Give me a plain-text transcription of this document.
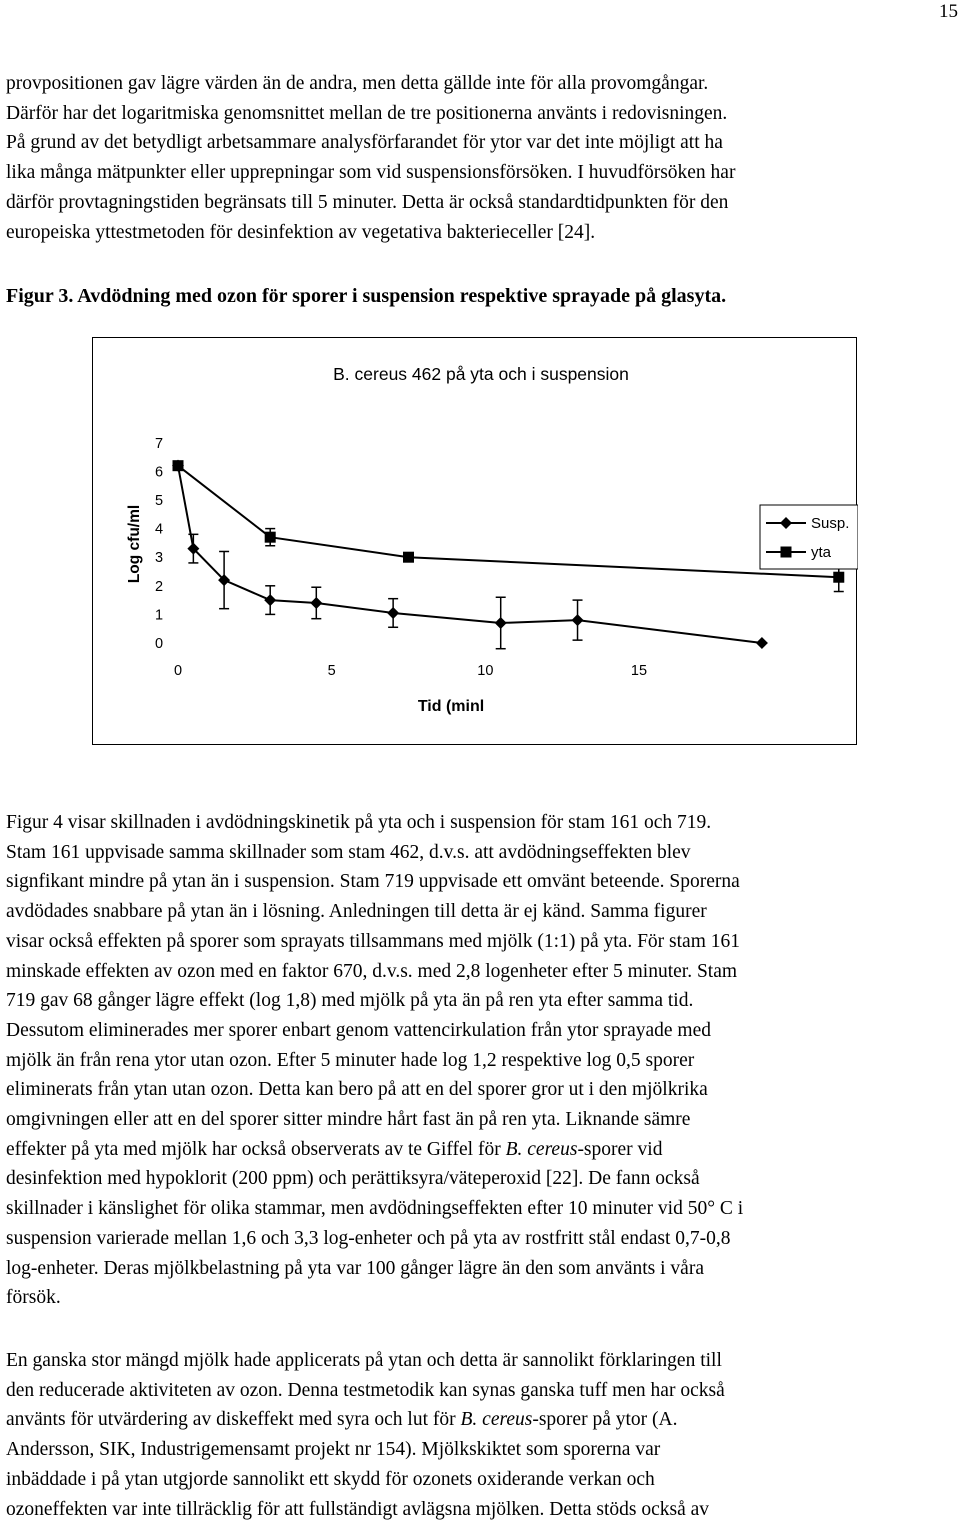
15

provpositionen gav lägre värden än de andra, men detta gällde inte för alla provomgångar.

Därför har det logaritmiska genomsnittet mellan de tre positionerna använts i redovisningen.

På grund av det betydligt arbetsammare analysförfarandet för ytor var det inte möjligt att ha

lika många mätpunkter eller upprepningar som vid suspensionsförsöken. I huvudförsöken har

därför provtagningstiden begränsats till 5 minuter. Detta är också standardtidpunkten för den

europeiska yttestmetoden för desinfektion av vegetativa bakterieceller [24].

Figur 3. Avdödning med ozon för sporer i suspension respektive sprayade på glasyta.
B. cereus 462 på yta och i suspension
Log cfu/ml
Tid (minl
0
1
2
3
4
5
6
7
0	5	10	15
Susp.
yta

Figur 4 visar skillnaden i avdödningskinetik på yta och i suspension för stam 161 och 719.

Stam 161 uppvisade samma skillnader som stam 462, d.v.s. att avdödningseffekten blev

signfikant mindre på ytan än i suspension. Stam 719 uppvisade ett omvänt beteende. Sporerna

avdödades snabbare på ytan än i lösning. Anledningen till detta är ej känd. Samma figurer

visar också effekten på sporer som sprayats tillsammans med mjölk (1:1) på yta. För stam 161

minskade effekten av ozon med en faktor 670, d.v.s. med 2,8 logenheter efter 5 minuter. Stam

719 gav 68 gånger lägre effekt (log 1,8) med mjölk på yta än på ren yta efter samma tid.

Dessutom eliminerades mer sporer enbart genom vattencirkulation från ytor sprayade med

mjölk än från rena ytor utan ozon. Efter 5 minuter hade log 1,2 respektive log 0,5 sporer

eliminerats från ytan utan ozon. Detta kan bero på att en del sporer gror ut i den mjölkrika

omgivningen eller att en del sporer sitter mindre hårt fast än på ren yta. Liknande sämre

effekter på yta med mjölk har också observerats av te Giffel för B. cereus-sporer vid

desinfektion med hypoklorit (200 ppm) och perättiksyra/väteperoxid [22]. De fann också

skillnader i känslighet för olika stammar, men avdödningseffekten efter 10 minuter vid 50° C i

suspension varierade mellan 1,6 och 3,3 log-enheter och på yta av rostfritt stål endast 0,7-0,8

log-enheter. Deras mjölkbelastning på yta var 100 gånger lägre än den som använts i våra

försök.

En ganska stor mängd mjölk hade applicerats på ytan och detta är sannolikt förklaringen till

den reducerade aktiviteten av ozon. Denna testmetodik kan synas ganska tuff men har också

använts för utvärdering av diskeffekt med syra och lut för B. cereus-sporer på ytor (A.

Andersson, SIK, Industrigemensamt projekt nr 154). Mjölkskiktet som sporerna var

inbäddade i på ytan utgjorde sannolikt ett skydd för ozonets oxiderande verkan och

ozoneffekten var inte tillräcklig för att fullständigt avlägsna mjölken. Detta stöds också av
